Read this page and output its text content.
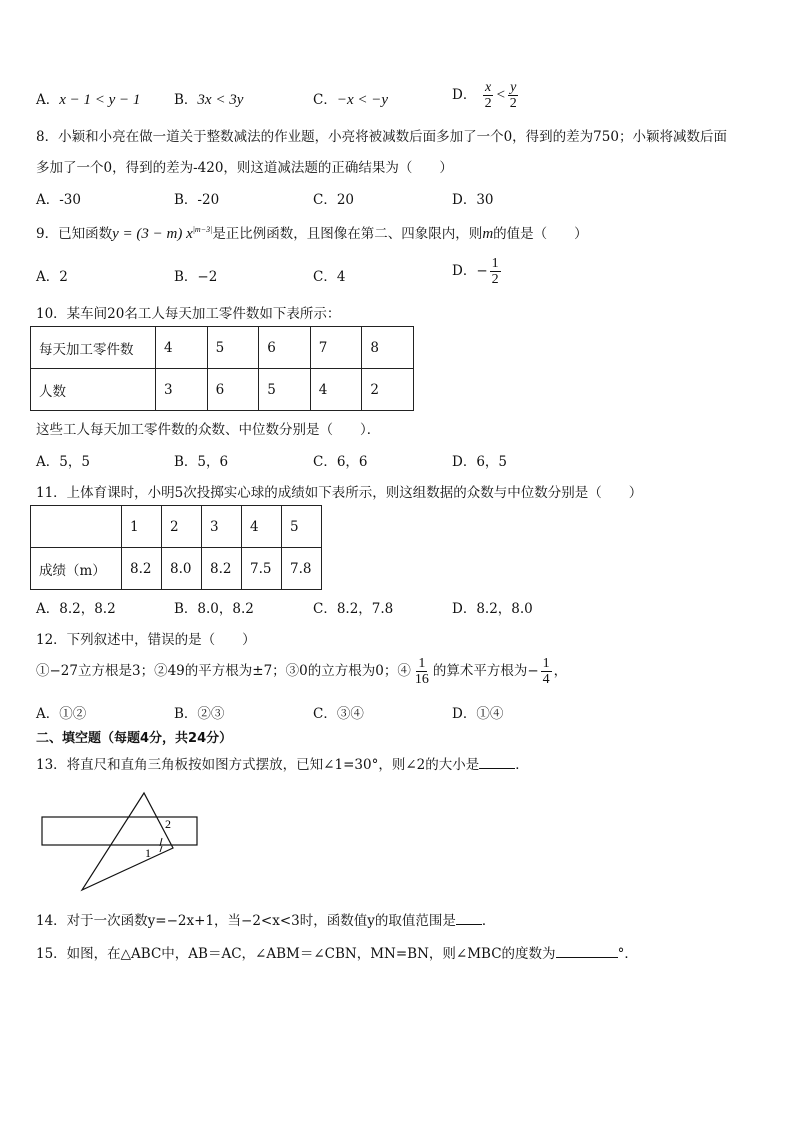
A．x − 1 < y − 1 B．3x < 3y	C．−x < −y	D． $\frac{x}{2} < \frac{y}{2}$
8．小颖和小亮在做一道关于整数减法的作业题，小亮将被减数后面多加了一个0，得到的差为750；小颖将减数后面
多加了一个0，得到的差为-420，则这道减法题的正确结果为（　　）
A．-30	B．-20	C．20	D．30
9．已知函数y = (3 − m) $x^{|m-3|}$是正比例函数，且图像在第二、四象限内，则m的值是（　　）
A．2	B．−2	C．4	D．− $\frac{1}{2}$
10．某车间20名工人每天加工零件数如下表所示：
每天加工零件数	4	5	6	7	8
人数	3	6	5	4	2
这些工人每天加工零件数的众数、中位数分别是（　　）．
A．5，5	B．5，6	C．6，6	D．6，5
11．上体育课时，小明5次投掷实心球的成绩如下表所示，则这组数据的众数与中位数分别是（　　）
	1	2	3	4	5
成绩（m）	8.2	8.0	8.2	7.5	7.8
A．8.2，8.2	B．8.0，8.2	C．8.2，7.8	D．8.2，8.0
12．下列叙述中，错误的是（　　）
①−27立方根是3；②49的平方根为±7；③0的立方根为0；④ $\frac{1}{16}$ 的算术平方根为− $\frac{1}{4}$ ，
A．①②	B．②③	C．③④	D．①④
二、填空题（每题4分，共24分）
13．将直尺和直角三角板按如图方式摆放，已知∠1=30°，则∠2的大小是	．
2
1
14．对于一次函数y=−2x+1，当−2<x<3时，函数值y的取值范围是 ．
15．如图，在△ABC中，AB＝AC，∠ABM＝∠CBN，MN=BN，则∠MBC的度数为	°．
